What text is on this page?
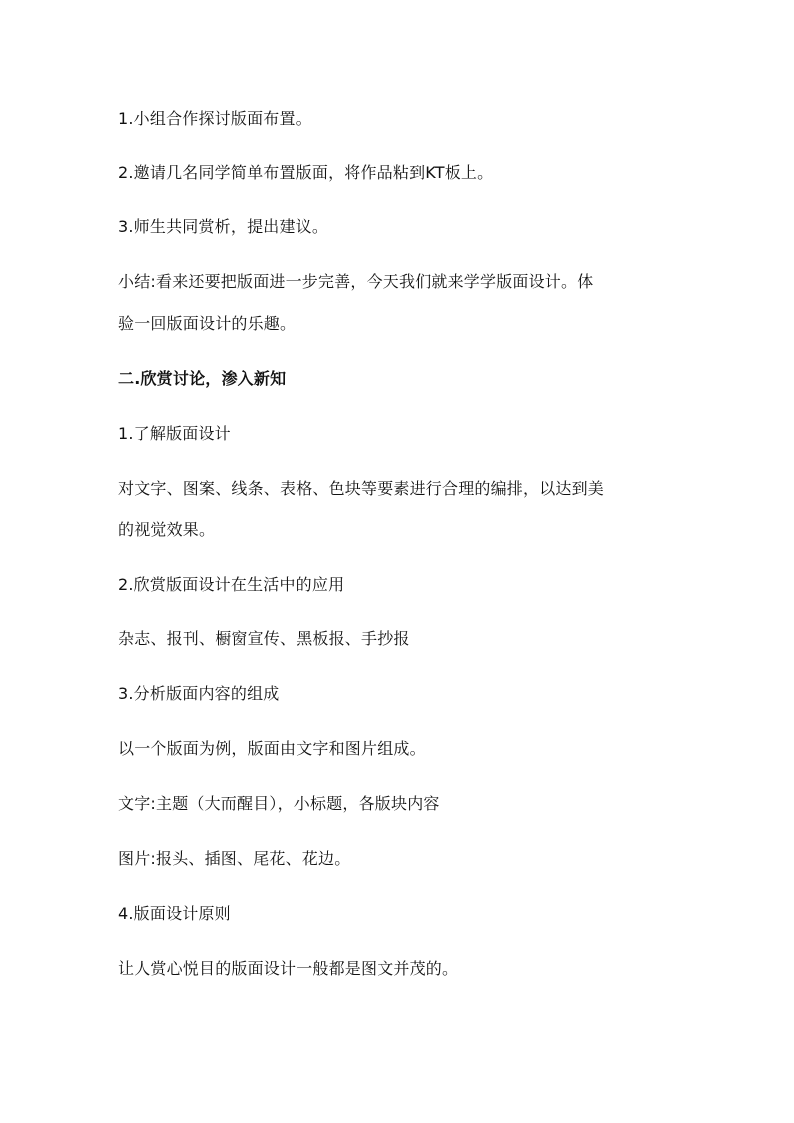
1.小组合作探讨版面布置。
2.邀请几名同学简单布置版面，将作品粘到KT板上。
3.师生共同赏析，提出建议。
小结:看来还要把版面进一步完善，今天我们就来学学版面设计。体
验一回版面设计的乐趣。
二.欣赏讨论，渗入新知
1.了解版面设计
对文字、图案、线条、表格、色块等要素进行合理的编排，以达到美
的视觉效果。
2.欣赏版面设计在生活中的应用
杂志、报刊、橱窗宣传、黑板报、手抄报
3.分析版面内容的组成
以一个版面为例，版面由文字和图片组成。
文字:主题（大而醒目），小标题，各版块内容
图片:报头、插图、尾花、花边。
4.版面设计原则
让人赏心悦目的版面设计一般都是图文并茂的。
